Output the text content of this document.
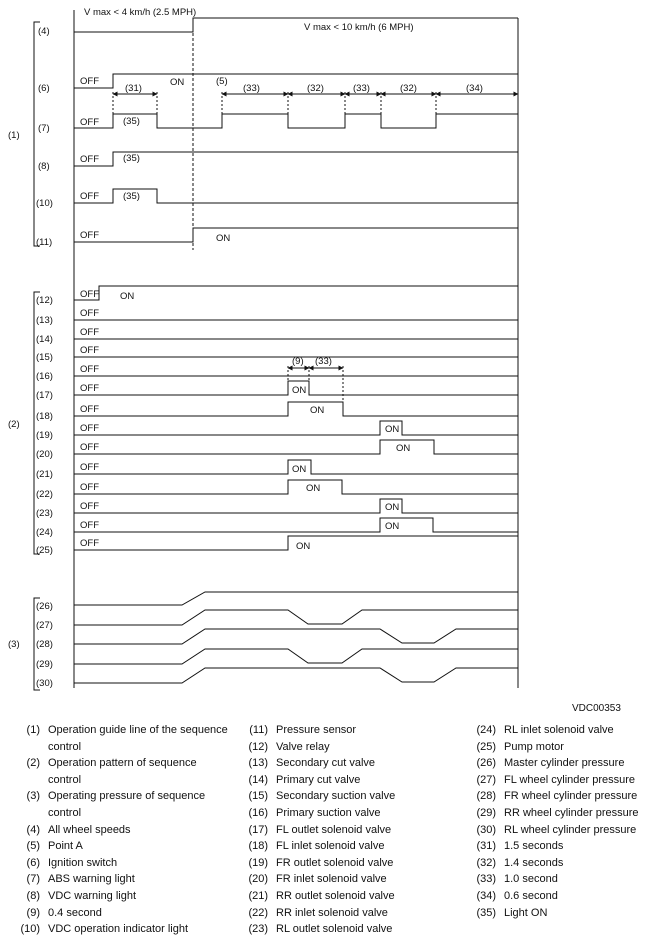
V max < 4 km/h (2.5 MPH)
V max < 10 km/h (6 MPH)
(1)
(2)
(3)
(4)
(6)
(7)
(8)
(10)
(11)
(12)
(13)
(14)
(15)
(16)
(17)
(18)
(19)
(20)
(21)
(22)
(23)
(24)
(25)
(26)
(27)
(28)
(29)
(30)
OFF
OFF
OFF
OFF
OFF
OFF
OFF
OFF
OFF
OFF
OFF
OFF
OFF
OFF
OFF
OFF
OFF
OFF
OFF
ON
ON
ON
ON
ON
ON
ON
ON
ON
ON
ON
ON
(31)
(35)
(35)
(35)
(5)
(33)	(32)	(33)	(32)	(34)
(9) (33)
VDC00353
(1) Operation guide line of the sequence control
(2) Operation pattern of sequence control
(3) Operating pressure of sequence control
(4) All wheel speeds
(5) Point A
(6) Ignition switch
(7) ABS warning light
(8) VDC warning light
(9) 0.4 second
(10) VDC operation indicator light
(11) Pressure sensor
(12) Valve relay
(13) Secondary cut valve
(14) Primary cut valve
(15) Secondary suction valve
(16) Primary suction valve
(17) FL outlet solenoid valve
(18) FL inlet solenoid valve
(19) FR outlet solenoid valve
(20) FR inlet solenoid valve
(21) RR outlet solenoid valve
(22) RR inlet solenoid valve
(23) RL outlet solenoid valve
(24) RL inlet solenoid valve
(25) Pump motor
(26) Master cylinder pressure
(27) FL wheel cylinder pressure
(28) FR wheel cylinder pressure
(29) RR wheel cylinder pressure
(30) RL wheel cylinder pressure
(31) 1.5 seconds
(32) 1.4 seconds
(33) 1.0 second
(34) 0.6 second
(35) Light ON
